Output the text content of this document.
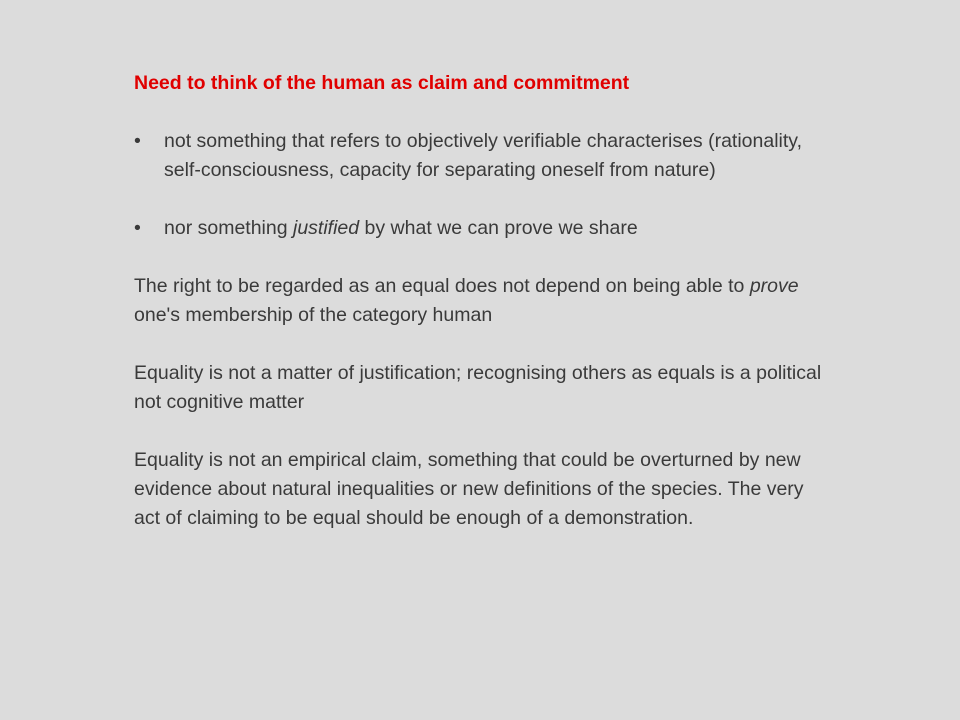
Need to think of the human as claim and commitment

•	not something that refers to objectively verifiable characterises (rationality, self-consciousness, capacity for separating oneself from nature)

•	nor something justified by what we can prove we share

The right to be regarded as an equal does not depend on being able to prove one's membership of the category human

Equality is not a matter of justification; recognising others as equals is a political not cognitive matter

Equality is not an empirical claim, something that could be overturned by new evidence about natural inequalities or new definitions of the species. The very act of claiming to be equal should be enough of a demonstration.
